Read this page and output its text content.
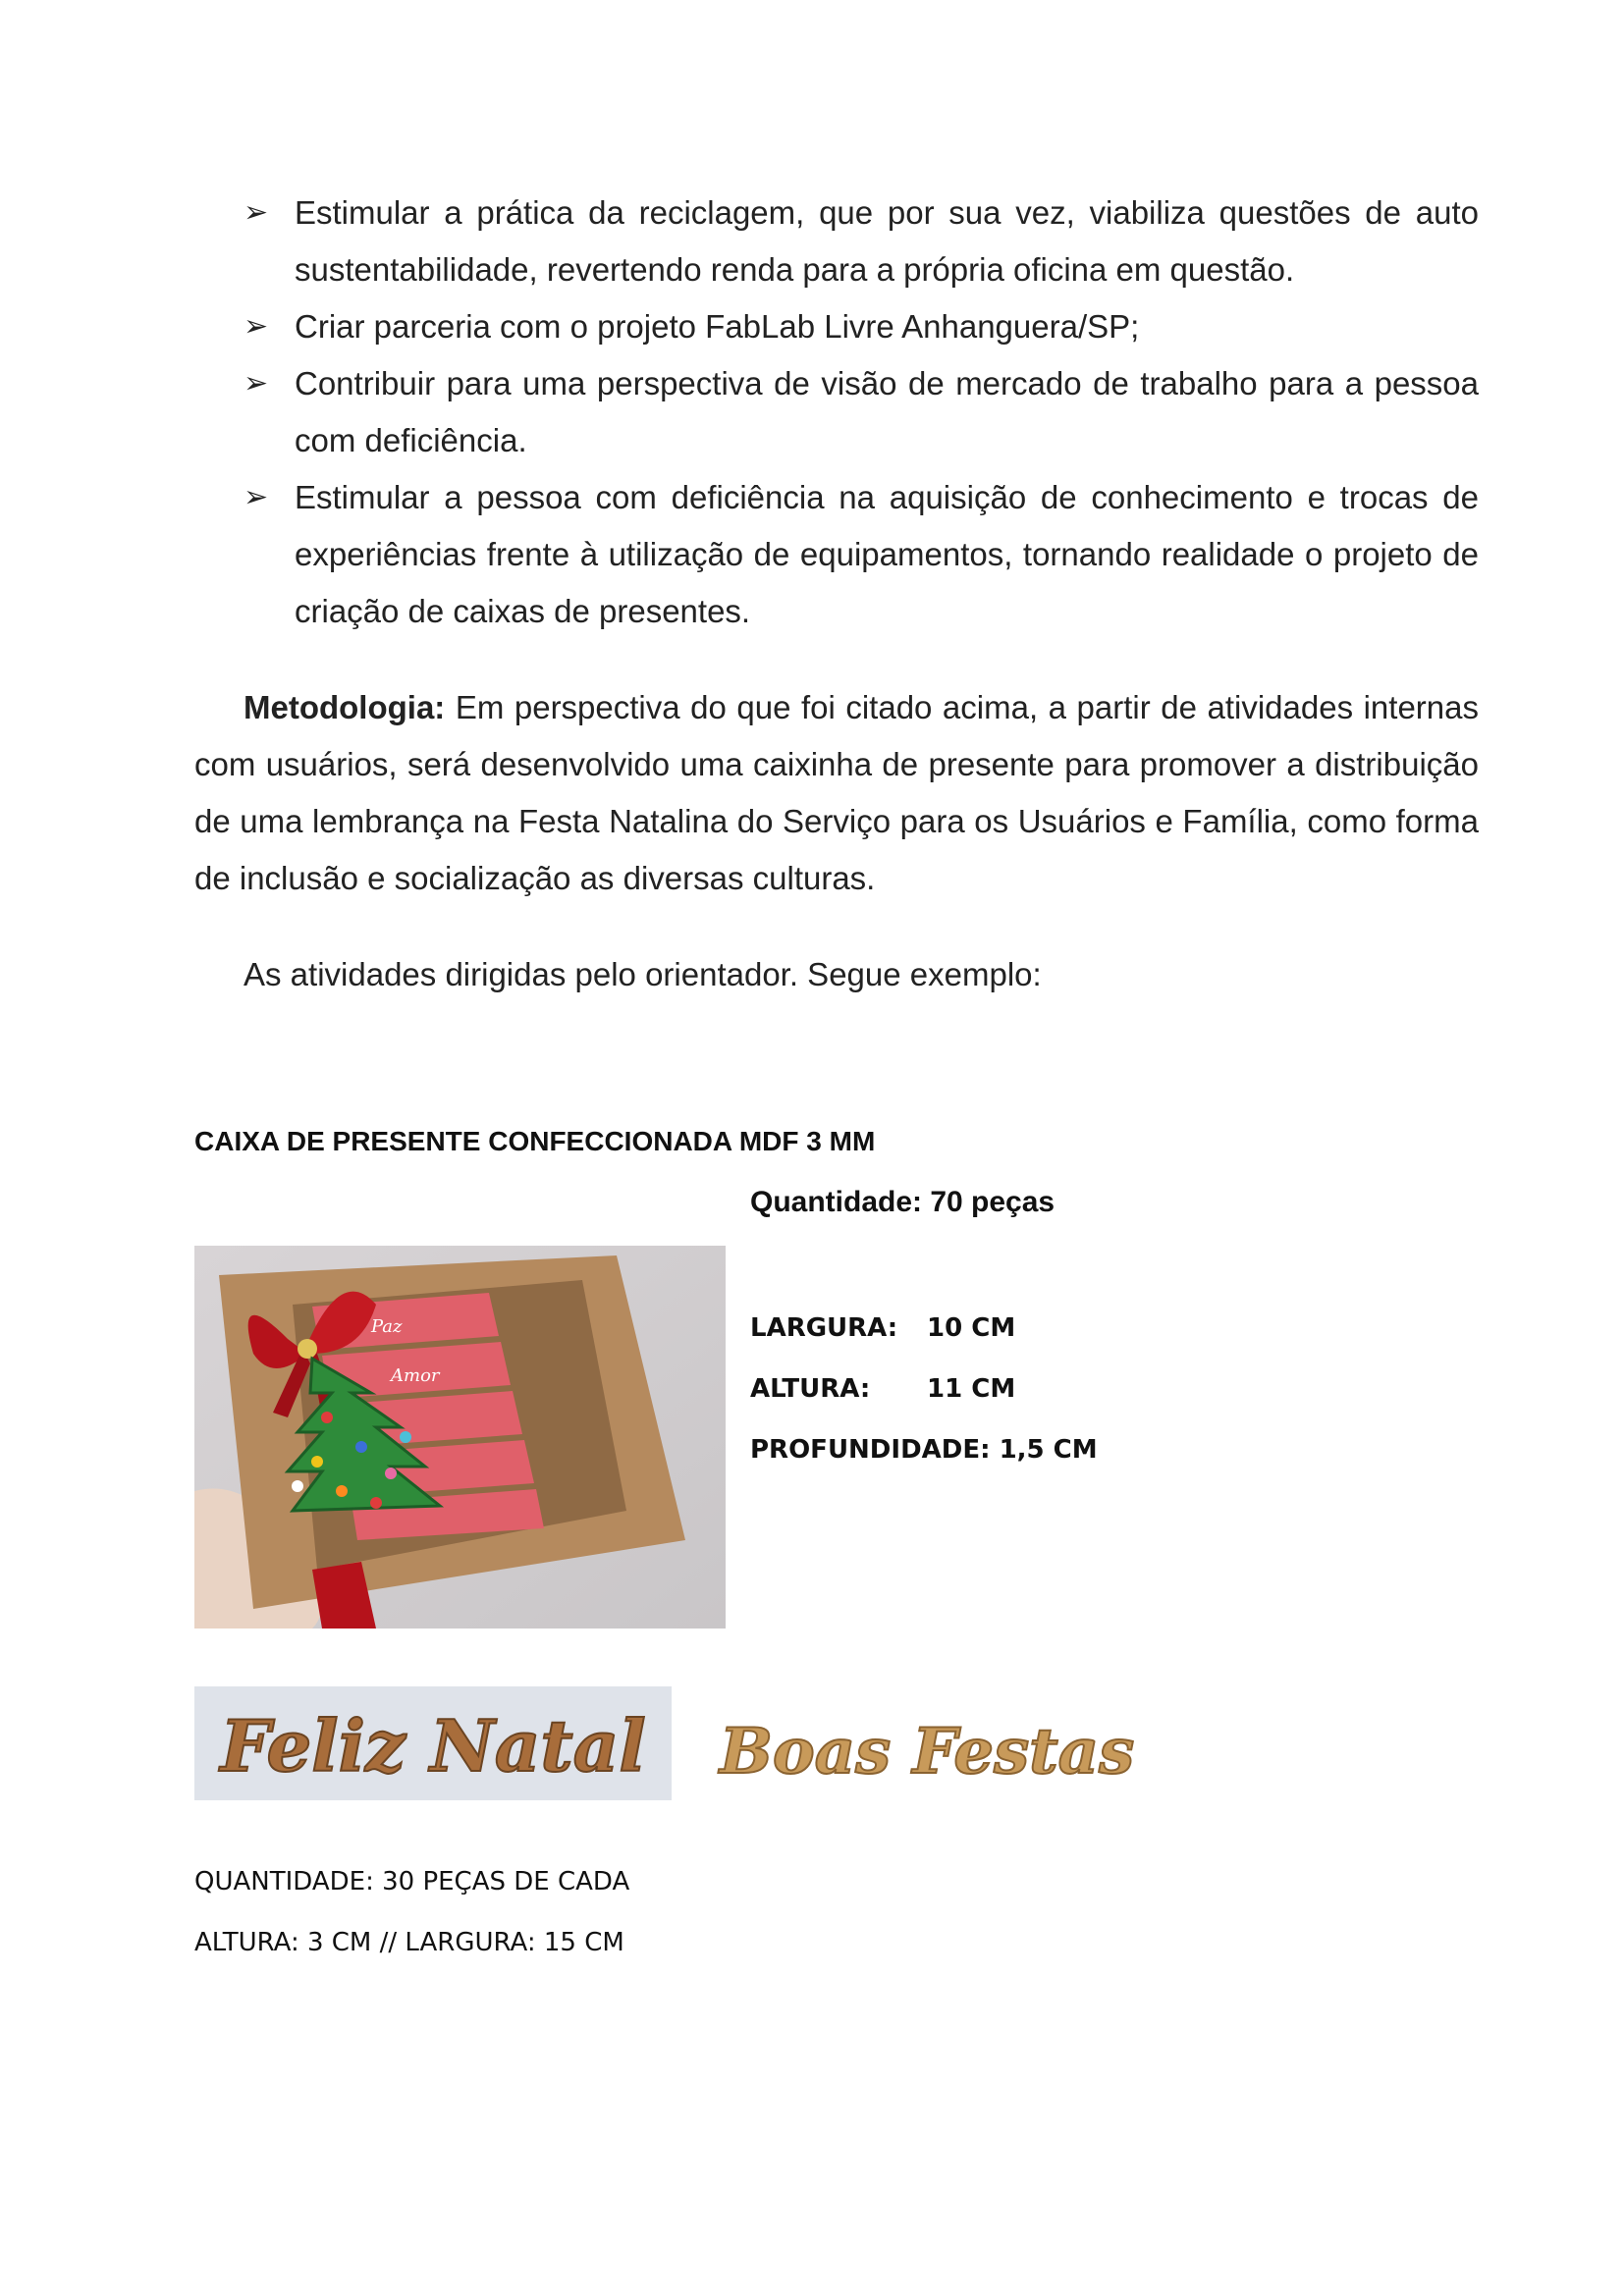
➢ Estimular a prática da reciclagem, que por sua vez, viabiliza questões de auto sustentabilidade, revertendo renda para a própria oficina em questão.
➢ Criar parceria com o projeto FabLab Livre Anhanguera/SP;
➢ Contribuir para uma perspectiva de visão de mercado de trabalho para a pessoa com deficiência.
➢ Estimular a pessoa com deficiência na aquisição de conhecimento e trocas de experiências frente à utilização de equipamentos, tornando realidade o projeto de criação de caixas de presentes.

Metodologia: Em perspectiva do que foi citado acima, a partir de atividades internas com usuários, será desenvolvido uma caixinha de presente para promover a distribuição de uma lembrança na Festa Natalina do Serviço para os Usuários e Família, como forma de inclusão e socialização as diversas culturas.

As atividades dirigidas pelo orientador. Segue exemplo:

CAIXA DE PRESENTE CONFECCIONADA MDF 3 MM
Quantidade: 70 peças
Paz
Amor
LARGURA: 10 CM
ALTURA: 11 CM
PROFUNDIDADE: 1,5 CM
Feliz Natal Boas Festas
QUANTIDADE: 30 PEÇAS DE CADA
ALTURA: 3 CM // LARGURA: 15 CM
